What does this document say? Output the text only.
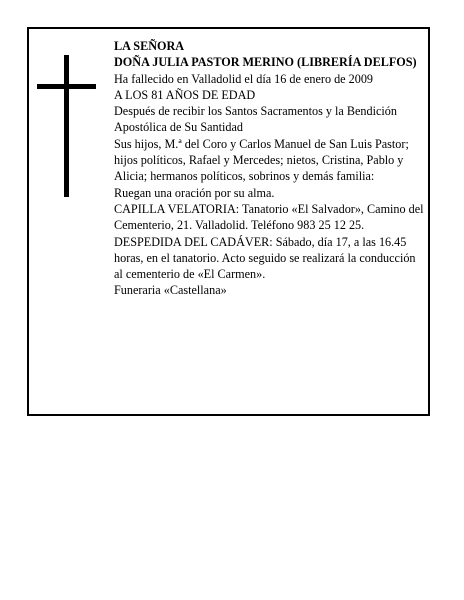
LA SEÑORA

DOÑA JULIA PASTOR MERINO (LIBRERÍA DELFOS)

Ha fallecido en Valladolid el día 16 de enero de 2009

A LOS 81 AÑOS DE EDAD

Después de recibir los Santos Sacramentos y la Bendición Apostólica de Su Santidad

Sus hijos, M.ª del Coro y Carlos Manuel de San Luis Pastor; hijos políticos, Rafael y Mercedes; nietos, Cristina, Pablo y Alicia; hermanos políticos, sobrinos y demás familia:

Ruegan una oración por su alma.

CAPILLA VELATORIA: Tanatorio «El Salvador», Camino del Cementerio, 21. Valladolid. Teléfono 983 25 12 25.

DESPEDIDA DEL CADÁVER: Sábado, día 17, a las 16.45 horas, en el tanatorio. Acto seguido se realizará la conducción al cementerio de «El Carmen».

Funeraria «Castellana»
